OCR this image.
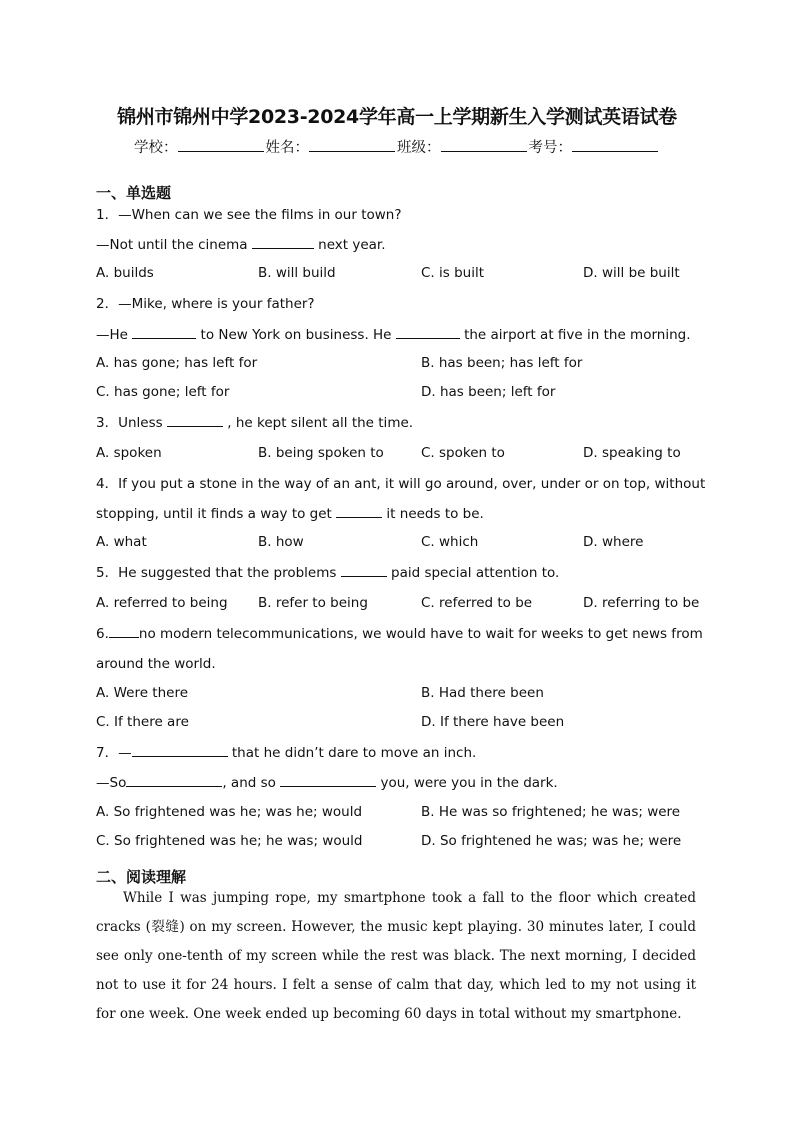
锦州市锦州中学2023-2024学年高一上学期新生入学测试英语试卷
学校：	姓名：	班级：	考号：
一、单选题
1．—When can we see the films in our town?
—Not until the cinema	next year.
A. builds	B. will build	C. is built	D. will be built
2．—Mike, where is your father?
—He	to New York on business. He	the airport at five in the morning.
A. has gone; has left for	B. has been; has left for
C. has gone; left for	D. has been; left for
3．Unless	, he kept silent all the time.
A. spoken	B. being spoken to	C. spoken to	D. speaking to
4．If you put a stone in the way of an ant, it will go around, over, under or on top, without
stopping, until it finds a way to get	it needs to be.
A. what	B. how	C. which	D. where
5．He suggested that the problems	paid special attention to.
A. referred to being B. refer to being	C. referred to be	D. referring to be
6. no modern telecommunications, we would have to wait for weeks to get news from
around the world.
A. Were there	B. Had there been
C. If there are	D. If there have been
7．—	that he didn’t dare to move an inch.
—So	, and so	you, were you in the dark.
A. So frightened was he; was he; would	B. He was so frightened; he was; were
C. So frightened was he; he was; would	D. So frightened he was; was he; were
二、阅读理解
While I was jumping rope, my smartphone took a fall to the floor which created cracks (裂缝) on my screen. However, the music kept playing. 30 minutes later, I could see only one-tenth of my screen while the rest was black. The next morning, I decided not to use it for 24 hours. I felt a sense of calm that day, which led to my not using it for one week. One week ended up becoming 60 days in total without my smartphone.
